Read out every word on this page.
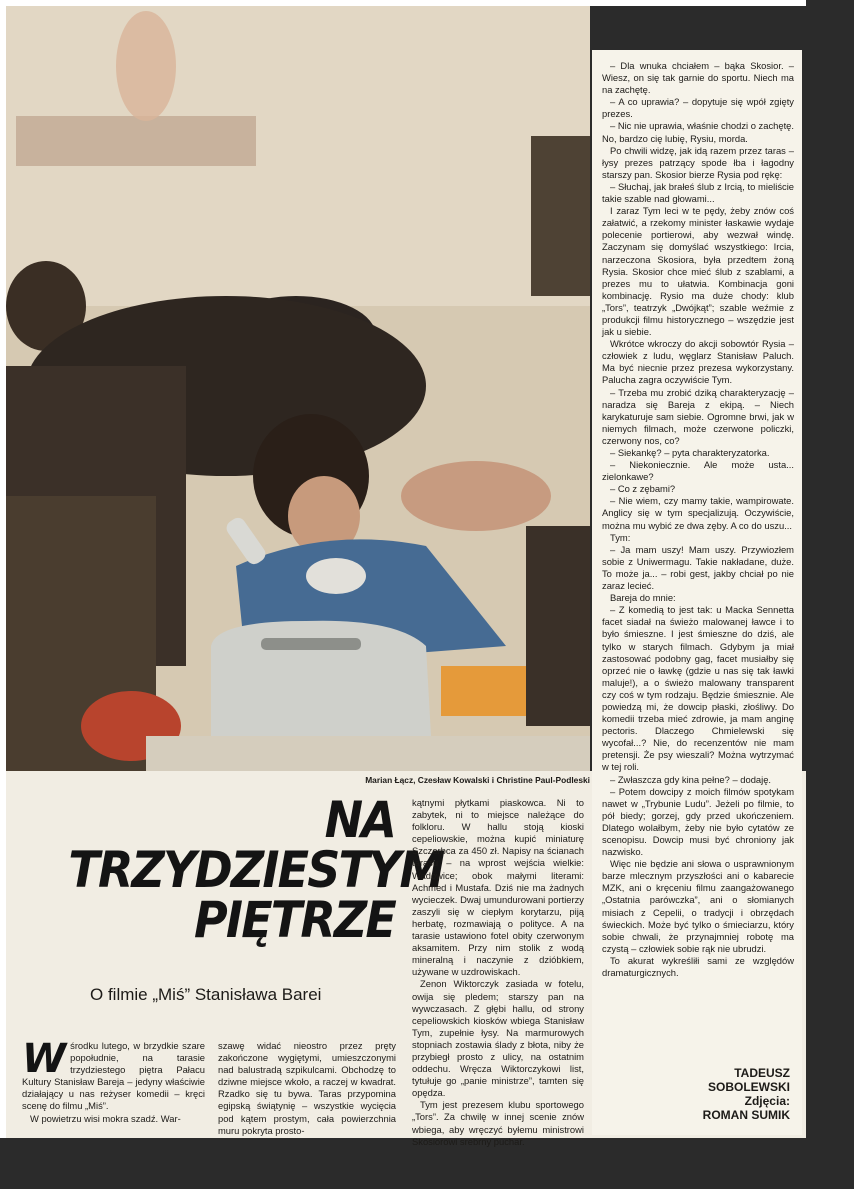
Marian Łącz, Czesław Kowalski i Christine Paul-Podleski
NA
TRZYDZIESTYM
PIĘTRZE
O filmie „Miś” Stanisława Barei
W środku lutego, w brzydkie szare popołudnie, na tarasie trzydziestego piętra Pałacu Kultury Stanisław Bareja – jedyny właściwie działający u nas reżyser komedii – kręci scenę do filmu „Miś”.

W powietrzu wisi mokra szadź. War-

szawę widać nieostro przez pręty zakończone wygiętymi, umieszczonymi nad balustradą szpikulcami. Obchodzę to dziwne miejsce wkoło, a raczej w kwadrat. Rzadko się tu bywa. Taras przypomina egipską świątynię – wszystkie wycięcia pod kątem prostym, cała powierzchnia muru pokryta prosto-

kątnymi płytkami piaskowca. Ni to zabytek, ni to miejsce należące do folkloru. W hallu stoją kioski cepeliowskie, można kupić miniaturę Szczerbca za 450 zł. Napisy na ścianach tarasu – na wprost wejścia wielkie: Wadowice; obok małymi literami: Achmed i Mustafa. Dziś nie ma żadnych wycieczek. Dwaj umundurowani portierzy zaszyli się w ciepłym korytarzu, piją herbatę, rozmawiają o polityce. A na tarasie ustawiono fotel obity czerwonym aksamitem. Przy nim stolik z wodą mineralną i naczynie z dzióbkiem, używane w uzdrowiskach.

Zenon Wiktorczyk zasiada w fotelu, owija się pledem; starszy pan na wywczasach. Z głębi hallu, od strony cepeliowskich kiosków wbiega Stanisław Tym, zupełnie łysy. Na marmurowych stopniach zostawia ślady z błota, niby że przybiegł prosto z ulicy, na ostatnim oddechu. Wręcza Wiktorczykowi list, tytułuje go „panie ministrze”, tamten się opędza.

Tym jest prezesem klubu sportowego „Tors”. Za chwilę w innej scenie znów wbiega, aby wręczyć byłemu ministrowi Skosiorowi srebrny puchar.

– Dla wnuka chciałem – bąka Skosior. – Wiesz, on się tak garnie do sportu. Niech ma na zachętę.

– A co uprawia? – dopytuje się wpół zgięty prezes.

– Nic nie uprawia, właśnie chodzi o zachętę. No, bardzo cię lubię, Rysiu, morda.

Po chwili widzę, jak idą razem przez taras – łysy prezes patrzący spode łba i łagodny starszy pan. Skosior bierze Rysia pod rękę:

– Słuchaj, jak brałeś ślub z Ircią, to mieliście takie szable nad głowami...

I zaraz Tym leci w te pędy, żeby znów coś załatwić, a rzekomy minister łaskawie wydaje polecenie portierowi, aby wezwał windę. Zaczynam się domyślać wszystkiego: Ircia, narzeczona Skosiora, była przedtem żoną Rysia. Skosior chce mieć ślub z szablami, a prezes mu to ułatwia. Kombinacja goni kombinację. Rysio ma duże chody: klub „Tors”, teatrzyk „Dwójkąt”; szable weźmie z produkcji filmu historycznego – wszędzie jest jak u siebie.

Wkrótce wkroczy do akcji sobowtór Rysia – człowiek z ludu, węglarz Stanisław Paluch. Ma być niecnie przez prezesa wykorzystany. Palucha zagra oczywiście Tym.

– Trzeba mu zrobić dziką charakteryzację – naradza się Bareja z ekipą. – Niech karykaturuje sam siebie. Ogromne brwi, jak w niemych filmach, może czerwone policzki, czerwony nos, co?

– Siekankę? – pyta charakteryzatorka.

– Niekoniecznie. Ale może usta... zielonkawe?

– Co z zębami?

– Nie wiem, czy mamy takie, wampirowate. Anglicy się w tym specjalizują. Oczywiście, można mu wybić ze dwa zęby. A co do uszu...

Tym:

– Ja mam uszy! Mam uszy. Przywiozłem sobie z Uniwermagu. Takie nakładane, duże. To może ja... – robi gest, jakby chciał po nie zaraz lecieć.

Bareja do mnie:

– Z komedią to jest tak: u Macka Sennetta facet siadał na świeżo malowanej ławce i to było śmieszne. I jest śmieszne do dziś, ale tylko w starych filmach. Gdybym ja miał zastosować podobny gag, facet musiałby się oprzeć nie o ławkę (gdzie u nas się tak ławki maluje!), a o świeżo malowany transparent czy coś w tym rodzaju. Będzie śmiesznie. Ale powiedzą mi, że dowcip płaski, złośliwy. Do komedii trzeba mieć zdrowie, ja mam anginę pectoris. Dlaczego Chmielewski się wycofał...? Nie, do recenzentów nie mam pretensji. Że psy wieszali? Można wytrzymać w tej roli.

– Zwłaszcza gdy kina pełne? – dodaję.

– Potem dowcipy z moich filmów spotykam nawet w „Trybunie Ludu”. Jeżeli po filmie, to pół biedy; gorzej, gdy przed ukończeniem. Dlatego wolałbym, żeby nie było cytatów ze scenopisu. Dowcip musi być chroniony jak nazwisko.

Więc nie będzie ani słowa o usprawnionym barze mlecznym przyszłości ani o kabarecie MZK, ani o kręceniu filmu zaangażowanego „Ostatnia parówczka”, ani o słomianych misiach z Cepelii, o tradycji i obrzędach świeckich. Może być tylko o śmieciarzu, który sobie chwali, że przynajmniej robotę ma czystą – człowiek sobie rąk nie ubrudzi.

To akurat wykreśliłi sami ze względów dramaturgicznych.

TADEUSZ
SOBOLEWSKI
Zdjęcia:
ROMAN SUMIK
